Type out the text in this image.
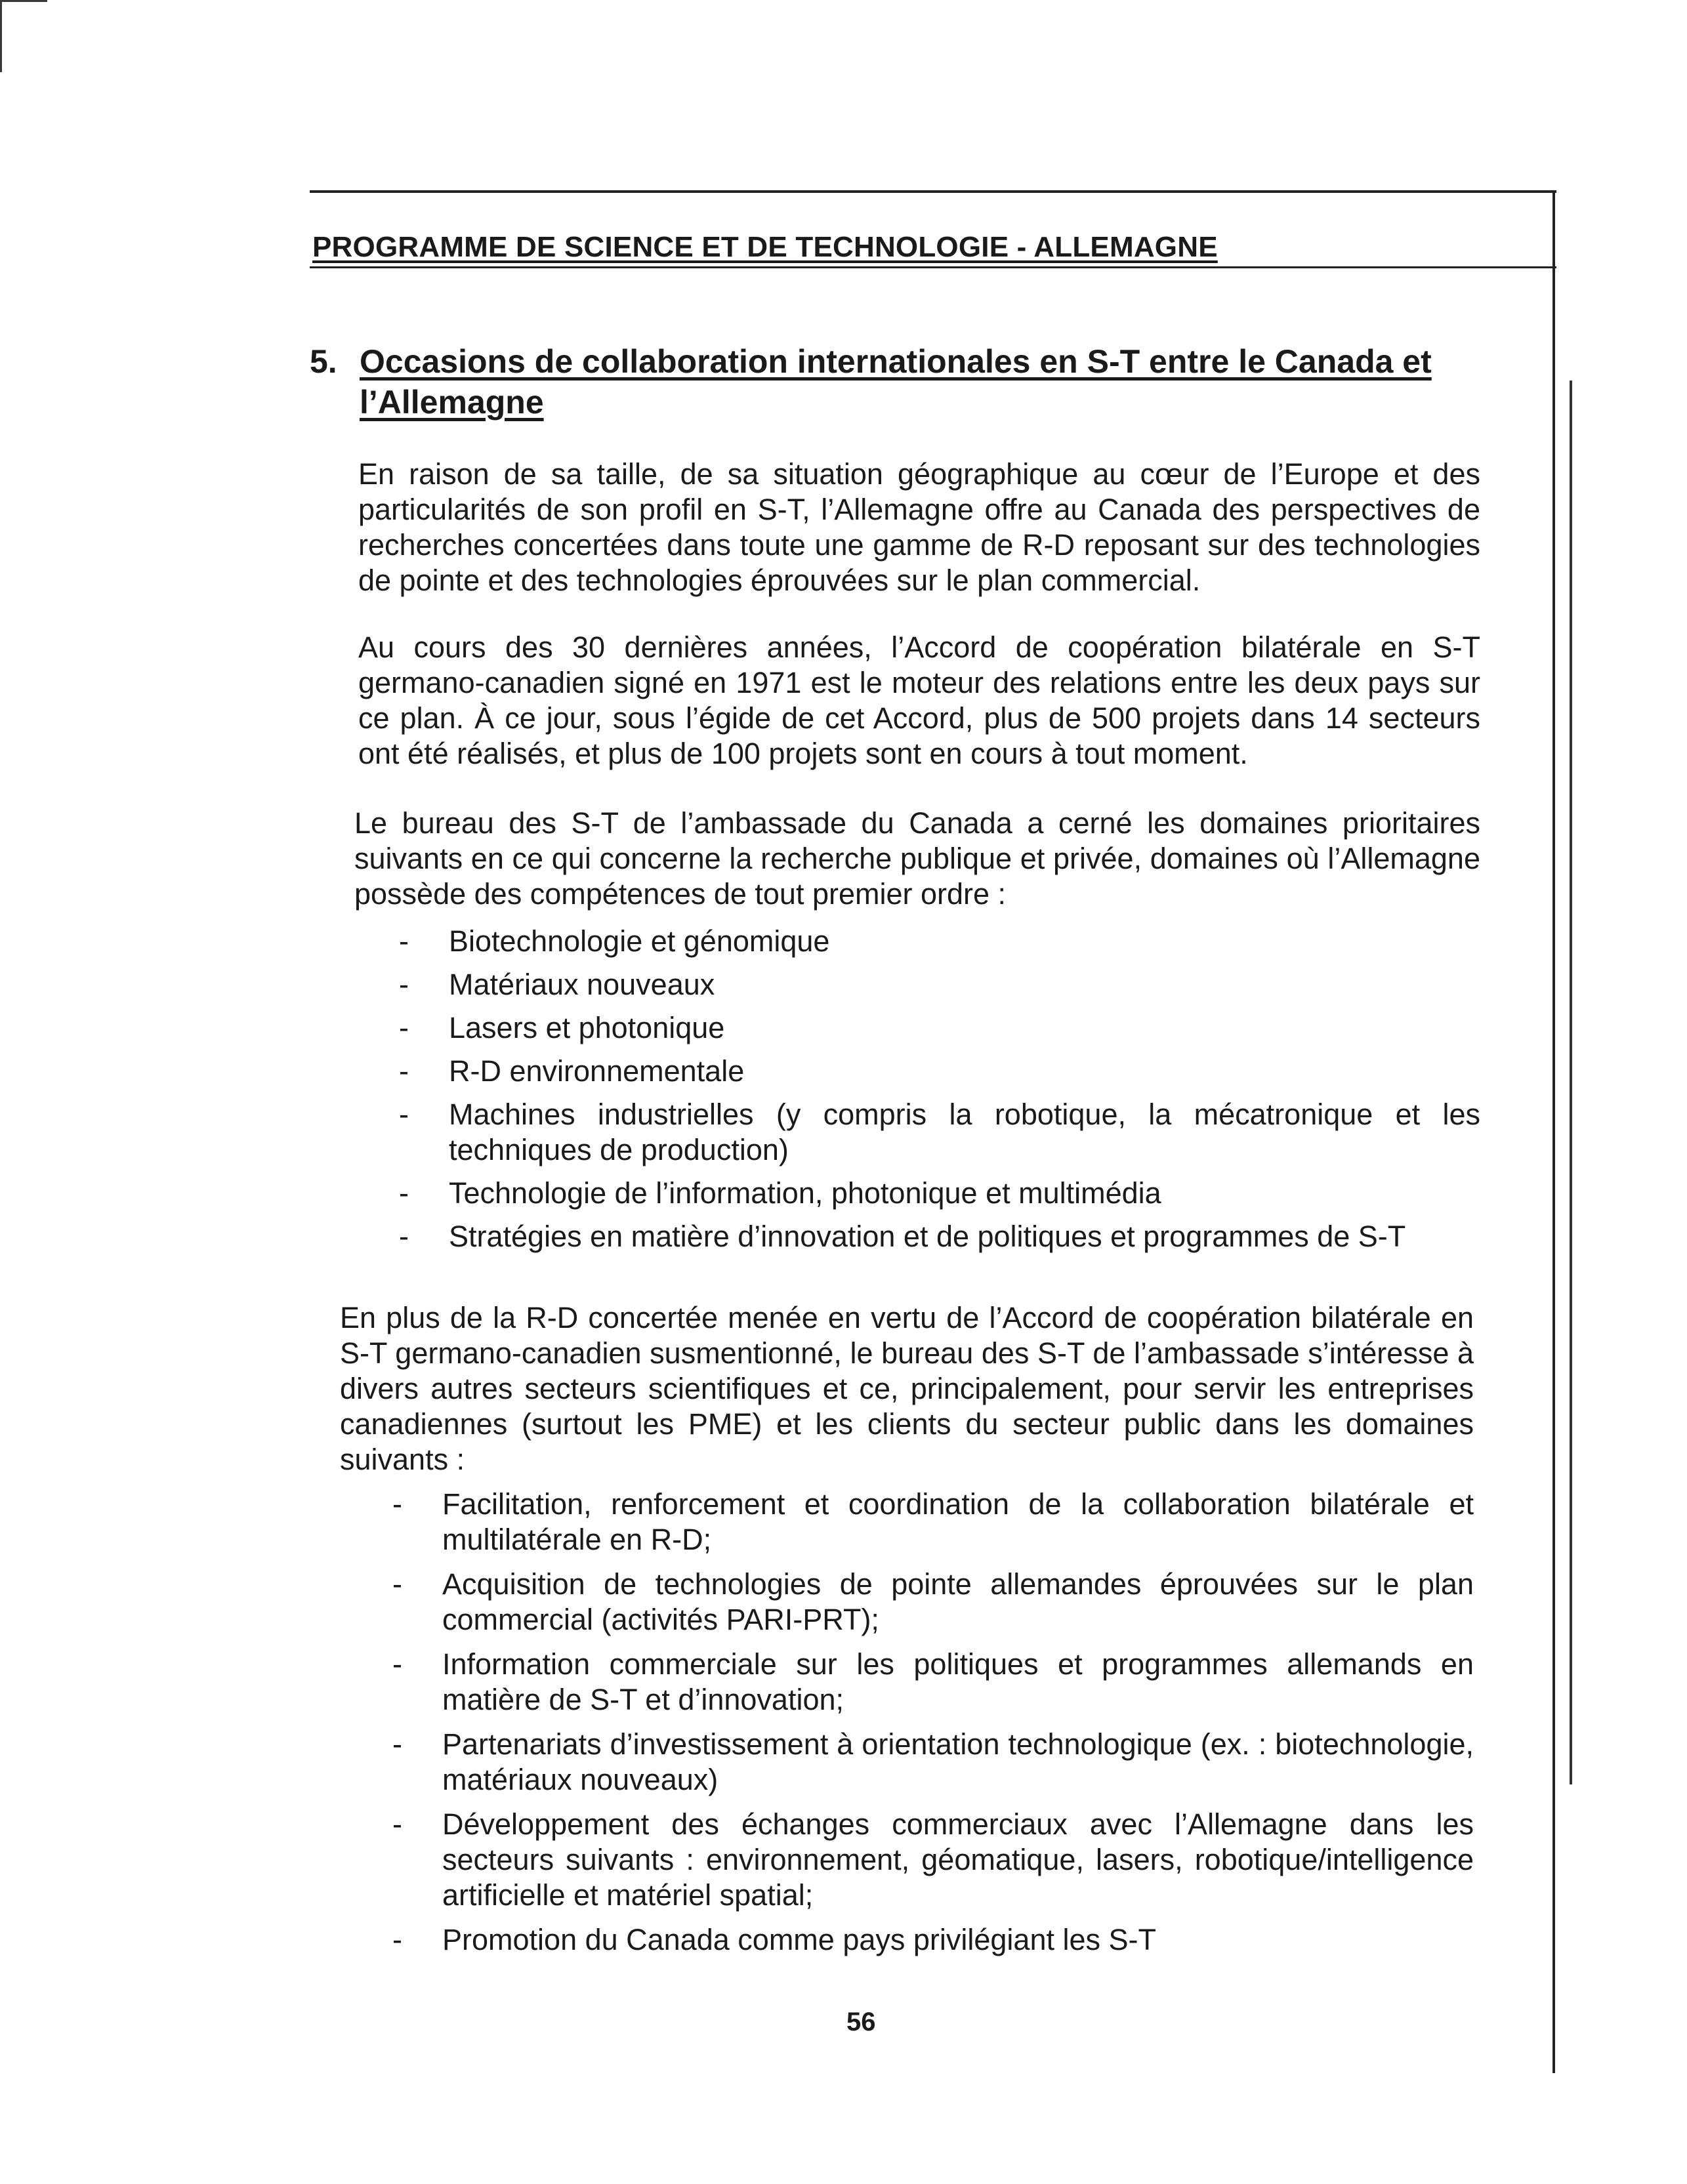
PROGRAMME DE SCIENCE ET DE TECHNOLOGIE - ALLEMAGNE
5. Occasions de collaboration internationales en S-T entre le Canada et
l’Allemagne

En raison de sa taille, de sa situation géographique au cœur de l’Europe et des particularités de son profil en S-T, l’Allemagne offre au Canada des perspectives de recherches concertées dans toute une gamme de R-D reposant sur des technologies de pointe et des technologies éprouvées sur le plan commercial.

Au cours des 30 dernières années, l’Accord de coopération bilatérale en S-T germano-canadien signé en 1971 est le moteur des relations entre les deux pays sur ce plan. À ce jour, sous l’égide de cet Accord, plus de 500 projets dans 14 secteurs ont été réalisés, et plus de 100 projets sont en cours à tout moment.

Le bureau des S-T de l’ambassade du Canada a cerné les domaines prioritaires suivants en ce qui concerne la recherche publique et privée, domaines où l’Allemagne possède des compétences de tout premier ordre :

- Biotechnologie et génomique
- Matériaux nouveaux
- Lasers et photonique
- R-D environnementale
- Machines industrielles (y compris la robotique, la mécatronique et les techniques de production)
- Technologie de l’information, photonique et multimédia
- Stratégies en matière d’innovation et de politiques et programmes de S-T

En plus de la R-D concertée menée en vertu de l’Accord de coopération bilatérale en S-T germano-canadien susmentionné, le bureau des S-T de l’ambassade s’intéresse à divers autres secteurs scientifiques et ce, principalement, pour servir les entreprises canadiennes (surtout les PME) et les clients du secteur public dans les domaines suivants :

- Facilitation, renforcement et coordination de la collaboration bilatérale et multilatérale en R-D;
- Acquisition de technologies de pointe allemandes éprouvées sur le plan commercial (activités PARI-PRT);
- Information commerciale sur les politiques et programmes allemands en matière de S-T et d’innovation;
- Partenariats d’investissement à orientation technologique (ex. : biotechnologie, matériaux nouveaux)
- Développement des échanges commerciaux avec l’Allemagne dans les secteurs suivants : environnement, géomatique, lasers, robotique/intelligence artificielle et matériel spatial;
- Promotion du Canada comme pays privilégiant les S-T
56
